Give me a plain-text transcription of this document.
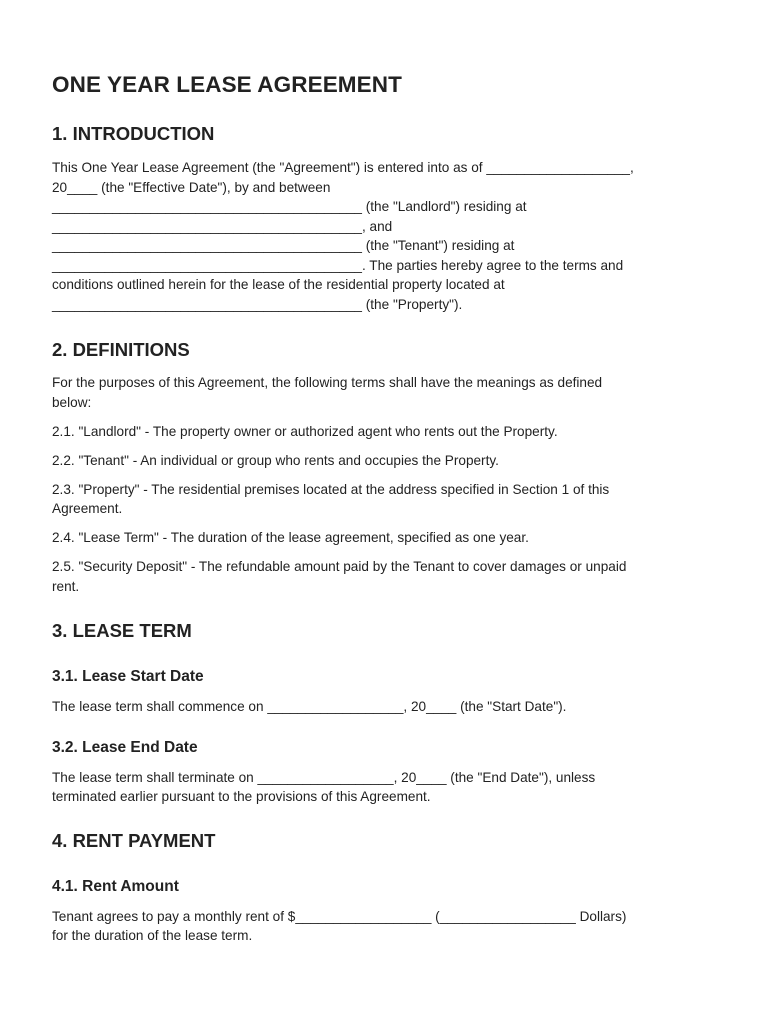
ONE YEAR LEASE AGREEMENT
1. INTRODUCTION

This One Year Lease Agreement (the "Agreement") is entered into as of ___________________,
20____ (the "Effective Date"), by and between
_________________________________________ (the "Landlord") residing at
_________________________________________, and
_________________________________________ (the "Tenant") residing at
_________________________________________. The parties hereby agree to the terms and
conditions outlined herein for the lease of the residential property located at
_________________________________________ (the "Property").

2. DEFINITIONS

For the purposes of this Agreement, the following terms shall have the meanings as defined
below:

2.1. "Landlord" - The property owner or authorized agent who rents out the Property.

2.2. "Tenant" - An individual or group who rents and occupies the Property.

2.3. "Property" - The residential premises located at the address specified in Section 1 of this
Agreement.

2.4. "Lease Term" - The duration of the lease agreement, specified as one year.

2.5. "Security Deposit" - The refundable amount paid by the Tenant to cover damages or unpaid
rent.

3. LEASE TERM
3.1. Lease Start Date

The lease term shall commence on __________________, 20____ (the "Start Date").

3.2. Lease End Date

The lease term shall terminate on __________________, 20____ (the "End Date"), unless
terminated earlier pursuant to the provisions of this Agreement.

4. RENT PAYMENT
4.1. Rent Amount

Tenant agrees to pay a monthly rent of $__________________ (__________________ Dollars)
for the duration of the lease term.
